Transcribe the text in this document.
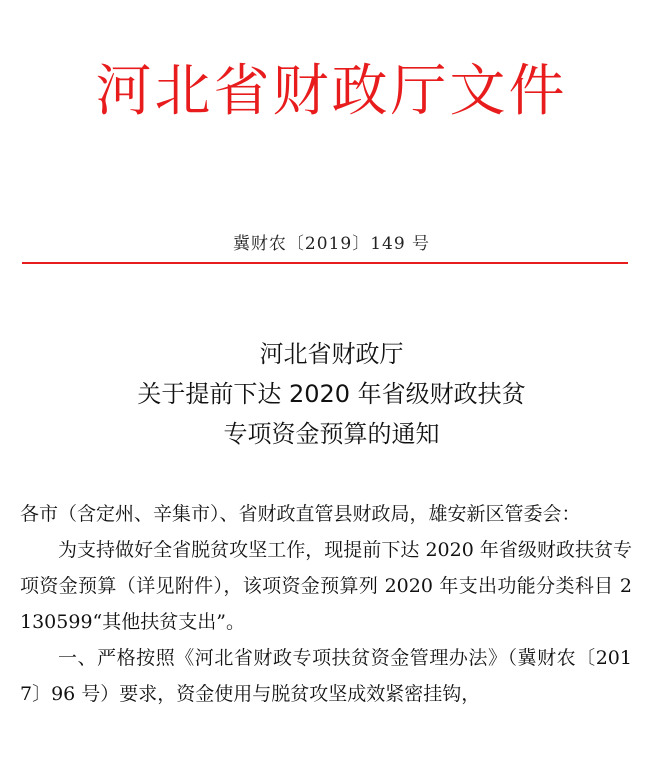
河北省财政厅文件
冀财农〔2019〕149 号
河北省财政厅
关于提前下达 2020 年省级财政扶贫
专项资金预算的通知

各市（含定州、辛集市）、省财政直管县财政局，雄安新区管委会：

为支持做好全省脱贫攻坚工作，现提前下达 2020 年省级财政扶贫专项资金预算（详见附件），该项资金预算列 2020 年支出功能分类科目 2130599“其他扶贫支出”。

一、严格按照《河北省财政专项扶贫资金管理办法》（冀财农〔2017〕96 号）要求，资金使用与脱贫攻坚成效紧密挂钩，
